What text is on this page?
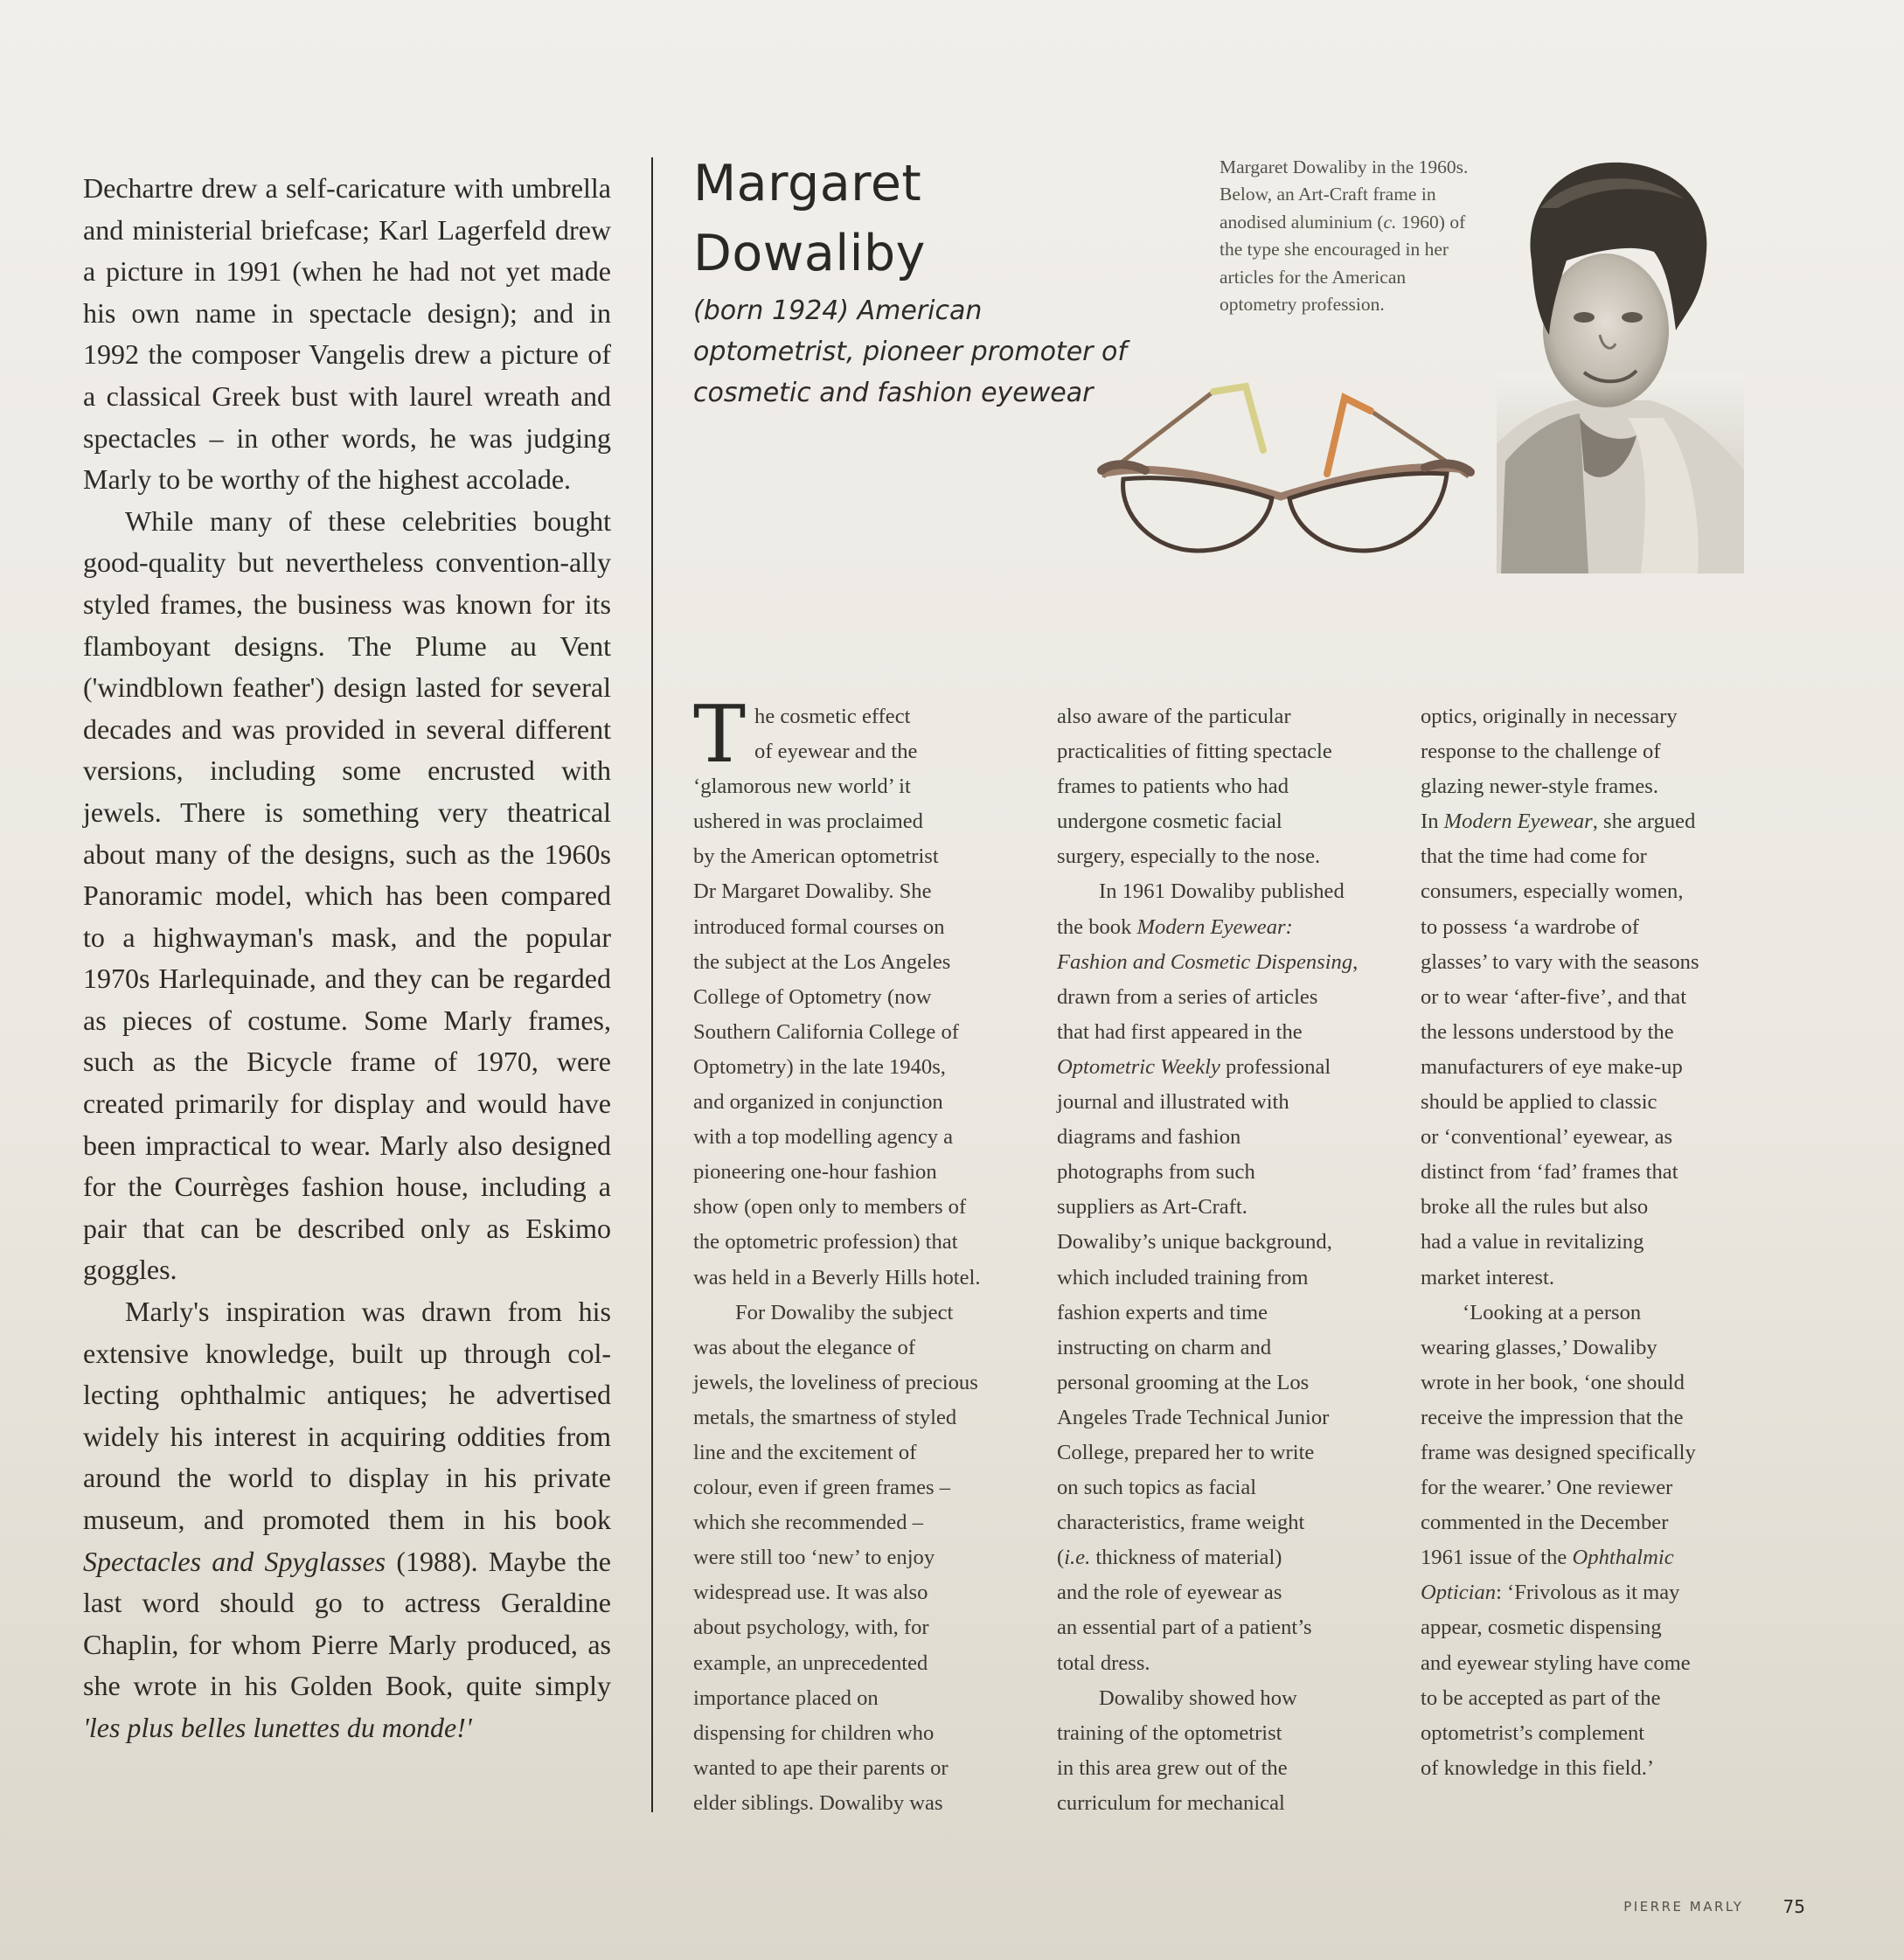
Dechartre drew a self-caricature with umbrella and ministerial briefcase; Karl Lagerfeld drew a picture in 1991 (when he had not yet made his own name in spectacle design); and in 1992 the composer Vangelis drew a picture of a classical Greek bust with laurel wreath and spectacles – in other words, he was judging Marly to be worthy of the highest accolade.

While many of these celebrities bought good-quality but nevertheless convention-ally styled frames, the business was known for its flamboyant designs. The Plume au Vent ('windblown feather') design lasted for several decades and was provided in several different versions, including some encrusted with jewels. There is something very theatrical about many of the designs, such as the 1960s Panoramic model, which has been compared to a highwayman's mask, and the popular 1970s Harlequinade, and they can be regarded as pieces of costume. Some Marly frames, such as the Bicycle frame of 1970, were created primarily for display and would have been impractical to wear. Marly also designed for the Courrèges fashion house, including a pair that can be described only as Eskimo goggles.

Marly's inspiration was drawn from his extensive knowledge, built up through col-lecting ophthalmic antiques; he advertised widely his interest in acquiring oddities from around the world to display in his private museum, and promoted them in his book Spectacles and Spyglasses (1988). Maybe the last word should go to actress Geraldine Chaplin, for whom Pierre Marly produced, as she wrote in his Golden Book, quite simply 'les plus belles lunettes du monde!'

Margaret Dowaliby

(born 1924) American optometrist, pioneer promoter of cosmetic and fashion eyewear

Margaret Dowaliby in the 1960s. Below, an Art-Craft frame in anodised aluminium (c. 1960) of the type she encouraged in her articles for the American optometry profession.
T he cosmetic effect

of eyewear and the

‘glamorous new world’ it

ushered in was proclaimed

by the American optometrist

Dr Margaret Dowaliby. She

introduced formal courses on

the subject at the Los Angeles

College of Optometry (now

Southern California College of

Optometry) in the late 1940s,

and organized in conjunction

with a top modelling agency a

pioneering one-hour fashion

show (open only to members of

the optometric profession) that

was held in a Beverly Hills hotel.

For Dowaliby the subject

was about the elegance of

jewels, the loveliness of precious

metals, the smartness of styled

line and the excitement of

colour, even if green frames –

which she recommended –

were still too ‘new’ to enjoy

widespread use. It was also

about psychology, with, for

example, an unprecedented

importance placed on

dispensing for children who

wanted to ape their parents or

elder siblings. Dowaliby was

also aware of the particular

practicalities of fitting spectacle

frames to patients who had

undergone cosmetic facial

surgery, especially to the nose.

In 1961 Dowaliby published

the book Modern Eyewear:

Fashion and Cosmetic Dispensing,

drawn from a series of articles

that had first appeared in the

Optometric Weekly professional

journal and illustrated with

diagrams and fashion

photographs from such

suppliers as Art-Craft.

Dowaliby’s unique background,

which included training from

fashion experts and time

instructing on charm and

personal grooming at the Los

Angeles Trade Technical Junior

College, prepared her to write

on such topics as facial

characteristics, frame weight

(i.e. thickness of material)

and the role of eyewear as

an essential part of a patient’s

total dress.

Dowaliby showed how

training of the optometrist

in this area grew out of the

curriculum for mechanical

optics, originally in necessary

response to the challenge of

glazing newer-style frames.

In Modern Eyewear, she argued

that the time had come for

consumers, especially women,

to possess ‘a wardrobe of

glasses’ to vary with the seasons

or to wear ‘after-five’, and that

the lessons understood by the

manufacturers of eye make-up

should be applied to classic

or ‘conventional’ eyewear, as

distinct from ‘fad’ frames that

broke all the rules but also

had a value in revitalizing

market interest.

‘Looking at a person

wearing glasses,’ Dowaliby

wrote in her book, ‘one should

receive the impression that the

frame was designed specifically

for the wearer.’ One reviewer

commented in the December

1961 issue of the Ophthalmic

Optician: ‘Frivolous as it may

appear, cosmetic dispensing

and eyewear styling have come

to be accepted as part of the

optometrist’s complement

of knowledge in this field.’

PIERRE MARLY 75
